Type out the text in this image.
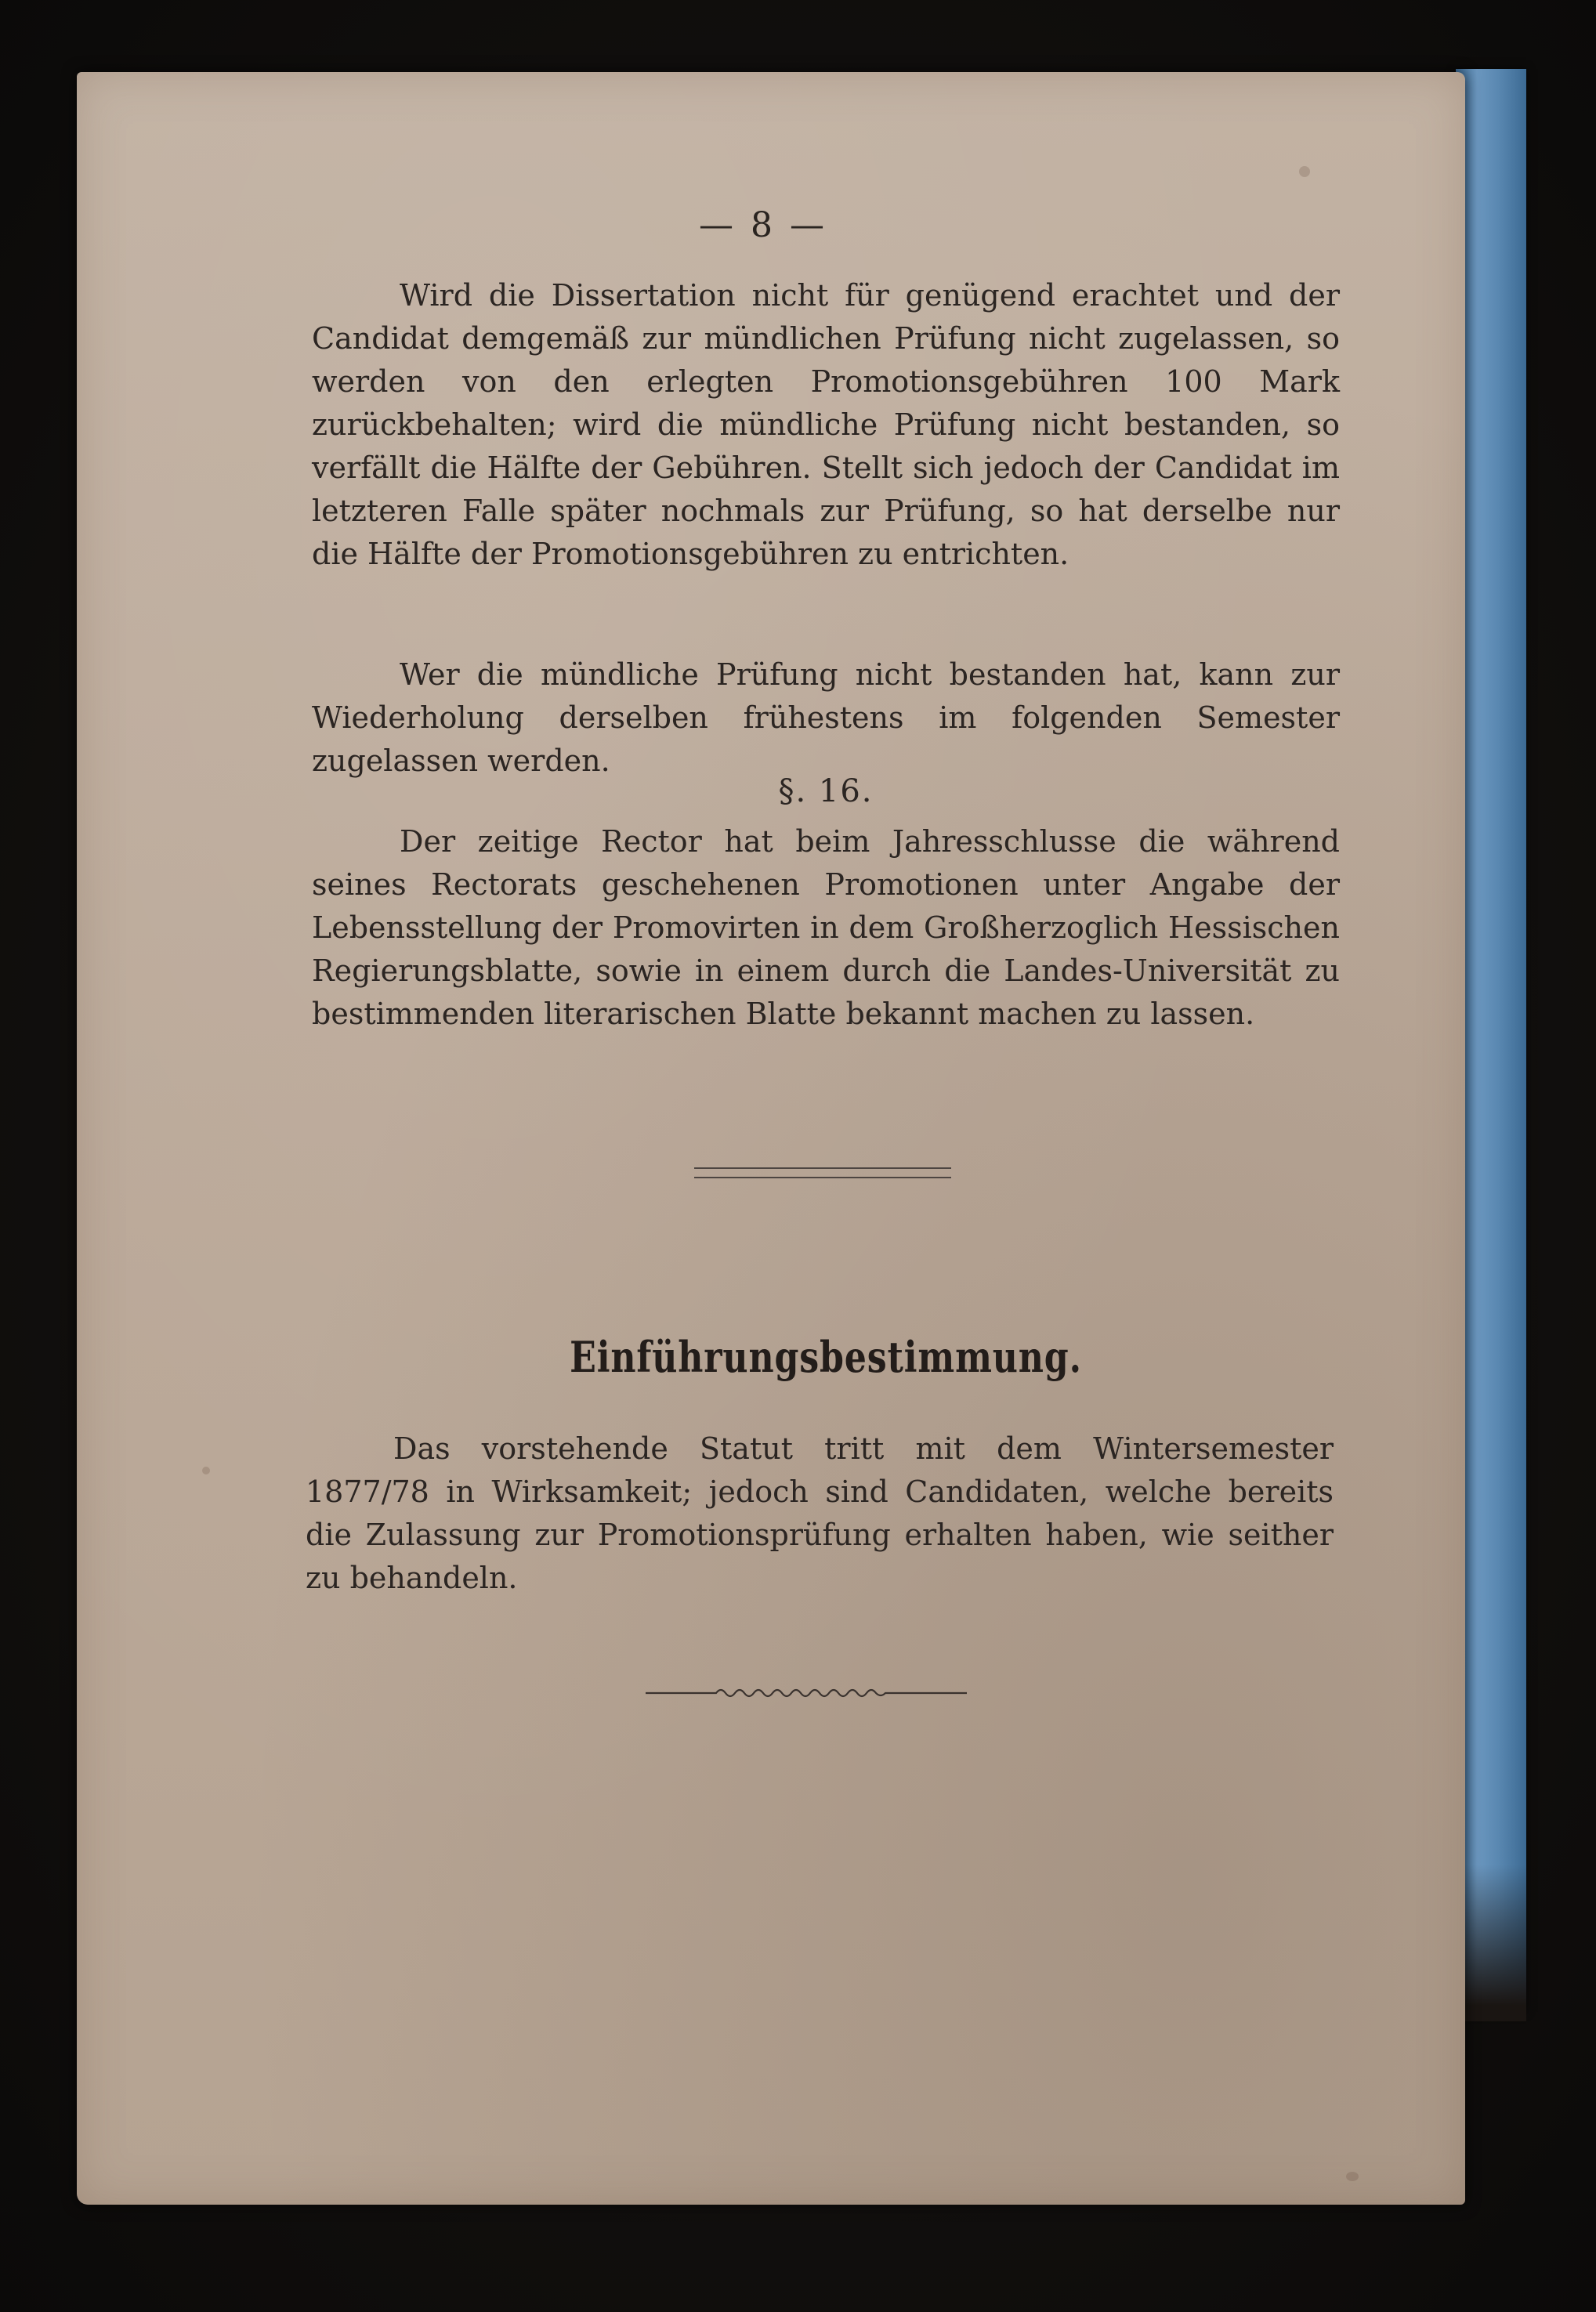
— 8 —

Wird die Dissertation nicht für genügend erachtet und der Candidat demgemäß zur mündlichen Prüfung nicht zugelassen, so werden von den erlegten Promotionsgebühren 100 Mark zurückbehalten; wird die mündliche Prüfung nicht bestanden, so verfällt die Hälfte der Gebühren. Stellt sich jedoch der Candidat im letzteren Falle später nochmals zur Prüfung, so hat derselbe nur die Hälfte der Promotionsgebühren zu entrichten.

Wer die mündliche Prüfung nicht bestanden hat, kann zur Wiederholung derselben frühestens im folgenden Semester zugelassen werden.

§. 16.

Der zeitige Rector hat beim Jahresschlusse die während seines Rectorats geschehenen Promotionen unter Angabe der Lebensstellung der Promovirten in dem Großherzoglich Hessischen Regierungsblatte, sowie in einem durch die Landes-Universität zu bestimmenden literarischen Blatte bekannt machen zu lassen.

Einführungsbestimmung.

Das vorstehende Statut tritt mit dem Wintersemester 1877/78 in Wirksamkeit; jedoch sind Candidaten, welche bereits die Zulassung zur Promotionsprüfung erhalten haben, wie seither zu behandeln.
